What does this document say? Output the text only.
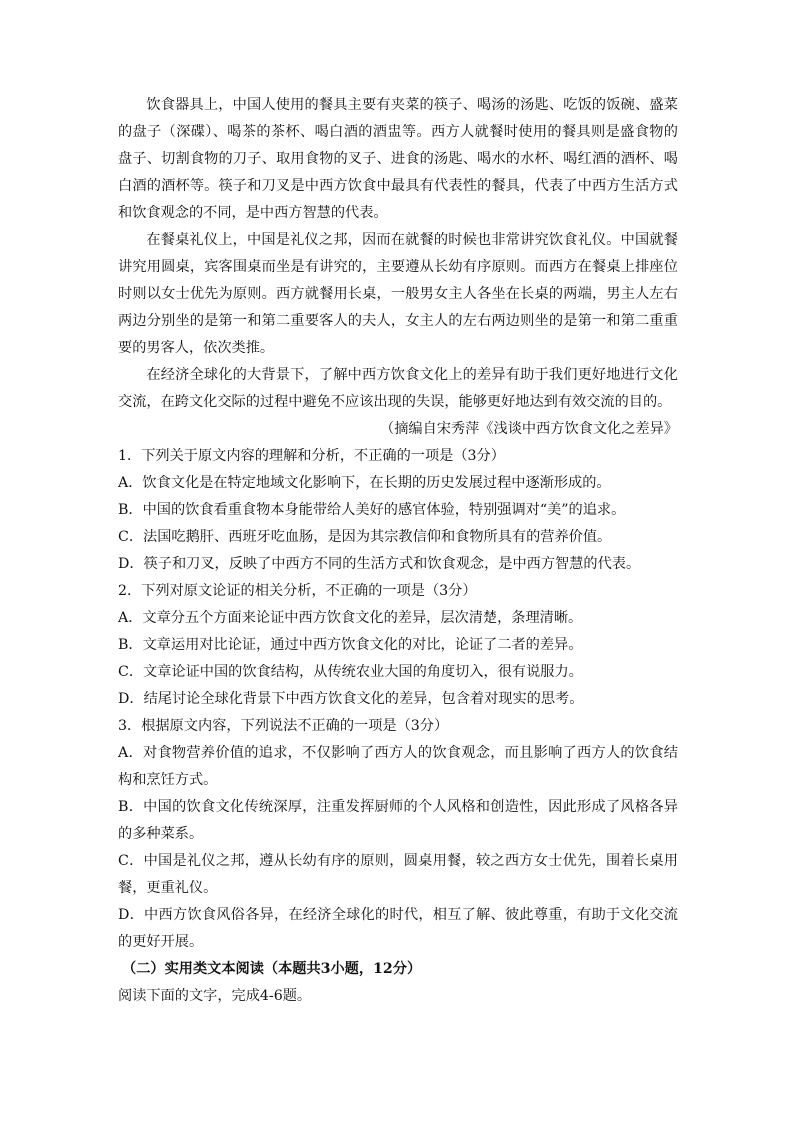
饮食器具上，中国人使用的餐具主要有夹菜的筷子、喝汤的汤匙、吃饭的饭碗、盛菜的盘子（深碟）、喝茶的茶杯、喝白酒的酒盅等。西方人就餐时使用的餐具则是盛食物的盘子、切割食物的刀子、取用食物的叉子、进食的汤匙、喝水的水杯、喝红酒的酒杯、喝白酒的酒杯等。筷子和刀叉是中西方饮食中最具有代表性的餐具，代表了中西方生活方式和饮食观念的不同，是中西方智慧的代表。

在餐桌礼仪上，中国是礼仪之邦，因而在就餐的时候也非常讲究饮食礼仪。中国就餐讲究用圆桌，宾客围桌而坐是有讲究的，主要遵从长幼有序原则。而西方在餐桌上排座位时则以女士优先为原则。西方就餐用长桌，一般男女主人各坐在长桌的两端，男主人左右两边分别坐的是第一和第二重要客人的夫人，女主人的左右两边则坐的是第一和第二重重要的男客人，依次类推。

在经济全球化的大背景下，了解中西方饮食文化上的差异有助于我们更好地进行文化交流，在跨文化交际的过程中避免不应该出现的失误，能够更好地达到有效交流的目的。

（摘编自宋秀萍《浅谈中西方饮食文化之差异》

1．下列关于原文内容的理解和分析，不正确的一项是（3分）

A．饮食文化是在特定地域文化影响下，在长期的历史发展过程中逐渐形成的。

B．中国的饮食看重食物本身能带给人美好的感官体验，特别强调对“美”的追求。

C．法国吃鹅肝、西班牙吃血肠，是因为其宗教信仰和食物所具有的营养价值。

D．筷子和刀叉，反映了中西方不同的生活方式和饮食观念，是中西方智慧的代表。

2．下列对原文论证的相关分析，不正确的一项是（3分）

A．文章分五个方面来论证中西方饮食文化的差异，层次清楚，条理清晰。

B．文章运用对比论证，通过中西方饮食文化的对比，论证了二者的差异。

C．文章论证中国的饮食结构，从传统农业大国的角度切入，很有说服力。

D．结尾讨论全球化背景下中西方饮食文化的差异，包含着对现实的思考。

3．根据原文内容，下列说法不正确的一项是（3分）

A．对食物营养价值的追求，不仅影响了西方人的饮食观念，而且影响了西方人的饮食结构和烹饪方式。

B．中国的饮食文化传统深厚，注重发挥厨师的个人风格和创造性，因此形成了风格各异的多种菜系。

C．中国是礼仪之邦，遵从长幼有序的原则，圆桌用餐，较之西方女士优先，围着长桌用餐，更重礼仪。

D．中西方饮食风俗各异，在经济全球化的时代，相互了解、彼此尊重，有助于文化交流的更好开展。

（二）实用类文本阅读（本题共3小题，12分）

阅读下面的文字，完成4-6题。
